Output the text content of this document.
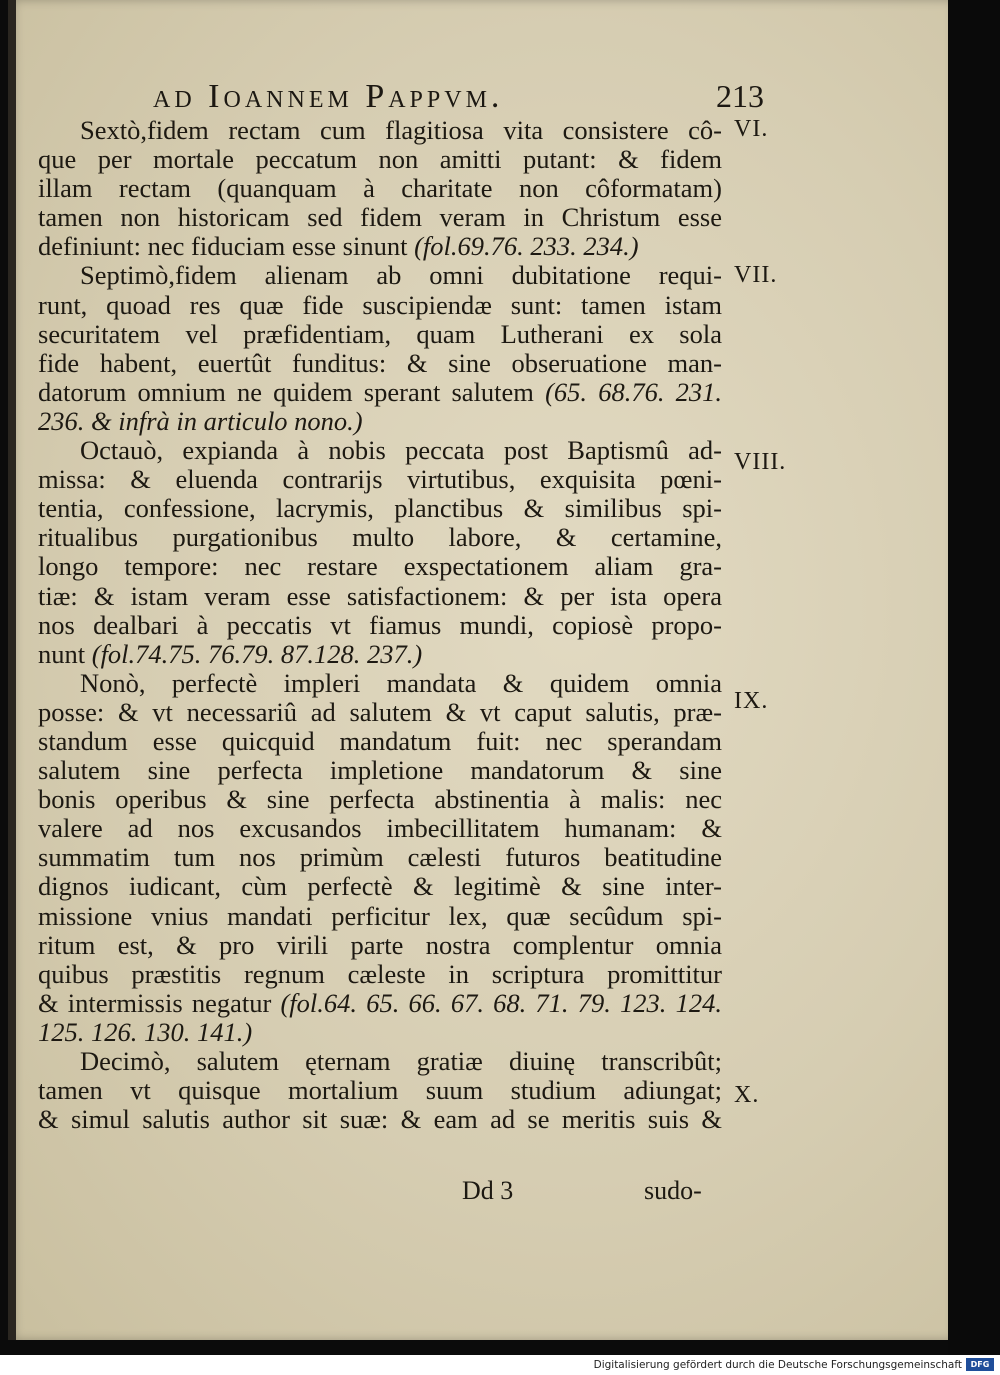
ad Ioannem Pappvm.	213

Sextò,fidem rectam cum flagitiosa vita consistere cô-
que per mortale peccatum non amitti putant: & fidem
illam rectam (quanquam à charitate non côformatam)
tamen non historicam sed fidem veram in Christum esse
definiunt: nec fiduciam esse sinunt (fol.69.76. 233. 234.)

Septimò,fidem alienam ab omni dubitatione requi-
runt, quoad res quæ fide suscipiendæ sunt: tamen istam
securitatem vel præfidentiam, quam Lutherani ex sola
fide habent, euertût funditus: & sine obseruatione man-
datorum omnium ne quidem sperant salutem (65. 68.76. 231. 236. & infrà in articulo nono.)

Octauò, expianda à nobis peccata post Baptismû ad-
missa: & eluenda contrarijs virtutibus, exquisita pœni-
tentia, confessione, lacrymis, planctibus & similibus spi-
ritualibus purgationibus multo labore, & certamine,
longo tempore: nec restare exspectationem aliam gra-
tiæ: & istam veram esse satisfactionem: & per ista opera
nos dealbari à peccatis vt fiamus mundi, copiosè propo-
nunt (fol.74.75. 76.79. 87.128. 237.)

Nonò, perfectè impleri mandata & quidem omnia
posse: & vt necessariû ad salutem & vt caput salutis, præ-
standum esse quicquid mandatum fuit: nec sperandam
salutem sine perfecta impletione mandatorum & sine
bonis operibus & sine perfecta abstinentia à malis: nec
valere ad nos excusandos imbecillitatem humanam: &
summatim tum nos primùm cælesti futuros beatitudine
dignos iudicant, cùm perfectè & legitimè & sine inter-
missione vnius mandati perficitur lex, quæ secûdum spi-
ritum est, & pro virili parte nostra complentur omnia
quibus præstitis regnum cæleste in scriptura promittitur
& intermissis negatur (fol.64. 65. 66. 67. 68. 71. 79. 123. 124. 125. 126. 130. 141.)

Decimò, salutem ęternam gratiæ diuinę transcribût;
tamen vt quisque mortalium suum studium adiungat;
& simul salutis author sit suæ: & eam ad se meritis suis &

VI.
VII.
VIII.
IX.
X.
Dd 3	sudo-
Digitalisierung gefördert durch die Deutsche Forschungsgemeinschaft	DFG
